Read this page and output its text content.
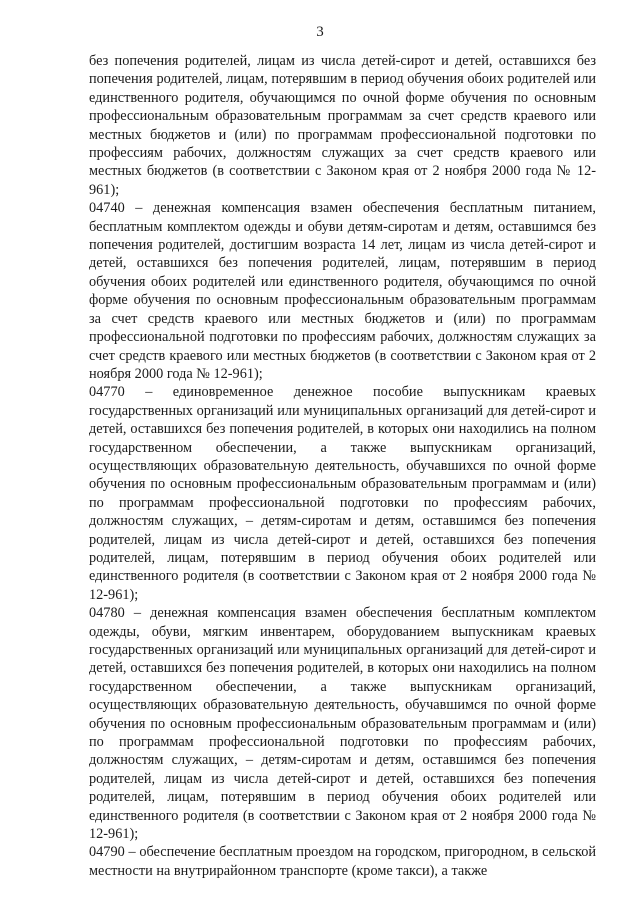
3

без попечения родителей, лицам из числа детей-сирот и детей, оставшихся без попечения родителей, лицам, потерявшим в период обучения обоих родителей или единственного родителя, обучающимся по очной форме обучения по основным профессиональным образовательным программам за счет средств краевого или местных бюджетов и (или) по программам профессиональной подготовки по профессиям рабочих, должностям служащих за счет средств краевого или местных бюджетов (в соответствии с Законом края от 2 ноября 2000 года № 12-961);

04740 – денежная компенсация взамен обеспечения бесплатным питанием, бесплатным комплектом одежды и обуви детям-сиротам и детям, оставшимся без попечения родителей, достигшим возраста 14 лет, лицам из числа детей-сирот и детей, оставшихся без попечения родителей, лицам, потерявшим в период обучения обоих родителей или единственного родителя, обучающимся по очной форме обучения по основным профессиональным образовательным программам за счет средств краевого или местных бюджетов и (или) по программам профессиональной подготовки по профессиям рабочих, должностям служащих за счет средств краевого или местных бюджетов (в соответствии с Законом края от 2 ноября 2000 года № 12-961);

04770 – единовременное денежное пособие выпускникам краевых государственных организаций или муниципальных организаций для детей-сирот и детей, оставшихся без попечения родителей, в которых они находились на полном государственном обеспечении, а также выпускникам организаций, осуществляющих образовательную деятельность, обучавшихся по очной форме обучения по основным профессиональным образовательным программам и (или) по программам профессиональной подготовки по профессиям рабочих, должностям служащих, – детям-сиротам и детям, оставшимся без попечения родителей, лицам из числа детей-сирот и детей, оставшихся без попечения родителей, лицам, потерявшим в период обучения обоих родителей или единственного родителя (в соответствии с Законом края от 2 ноября 2000 года № 12-961);

04780 – денежная компенсация взамен обеспечения бесплатным комплектом одежды, обуви, мягким инвентарем, оборудованием выпускникам краевых государственных организаций или муниципальных организаций для детей-сирот и детей, оставшихся без попечения родителей, в которых они находились на полном государственном обеспечении, а также выпускникам организаций, осуществляющих образовательную деятельность, обучавшимся по очной форме обучения по основным профессиональным образовательным программам и (или) по программам профессиональной подготовки по профессиям рабочих, должностям служащих, – детям-сиротам и детям, оставшимся без попечения родителей, лицам из числа детей-сирот и детей, оставшихся без попечения родителей, лицам, потерявшим в период обучения обоих родителей или единственного родителя (в соответствии с Законом края от 2 ноября 2000 года № 12-961);

04790 – обеспечение бесплатным проездом на городском, пригородном, в сельской местности на внутрирайонном транспорте (кроме такси), а также
